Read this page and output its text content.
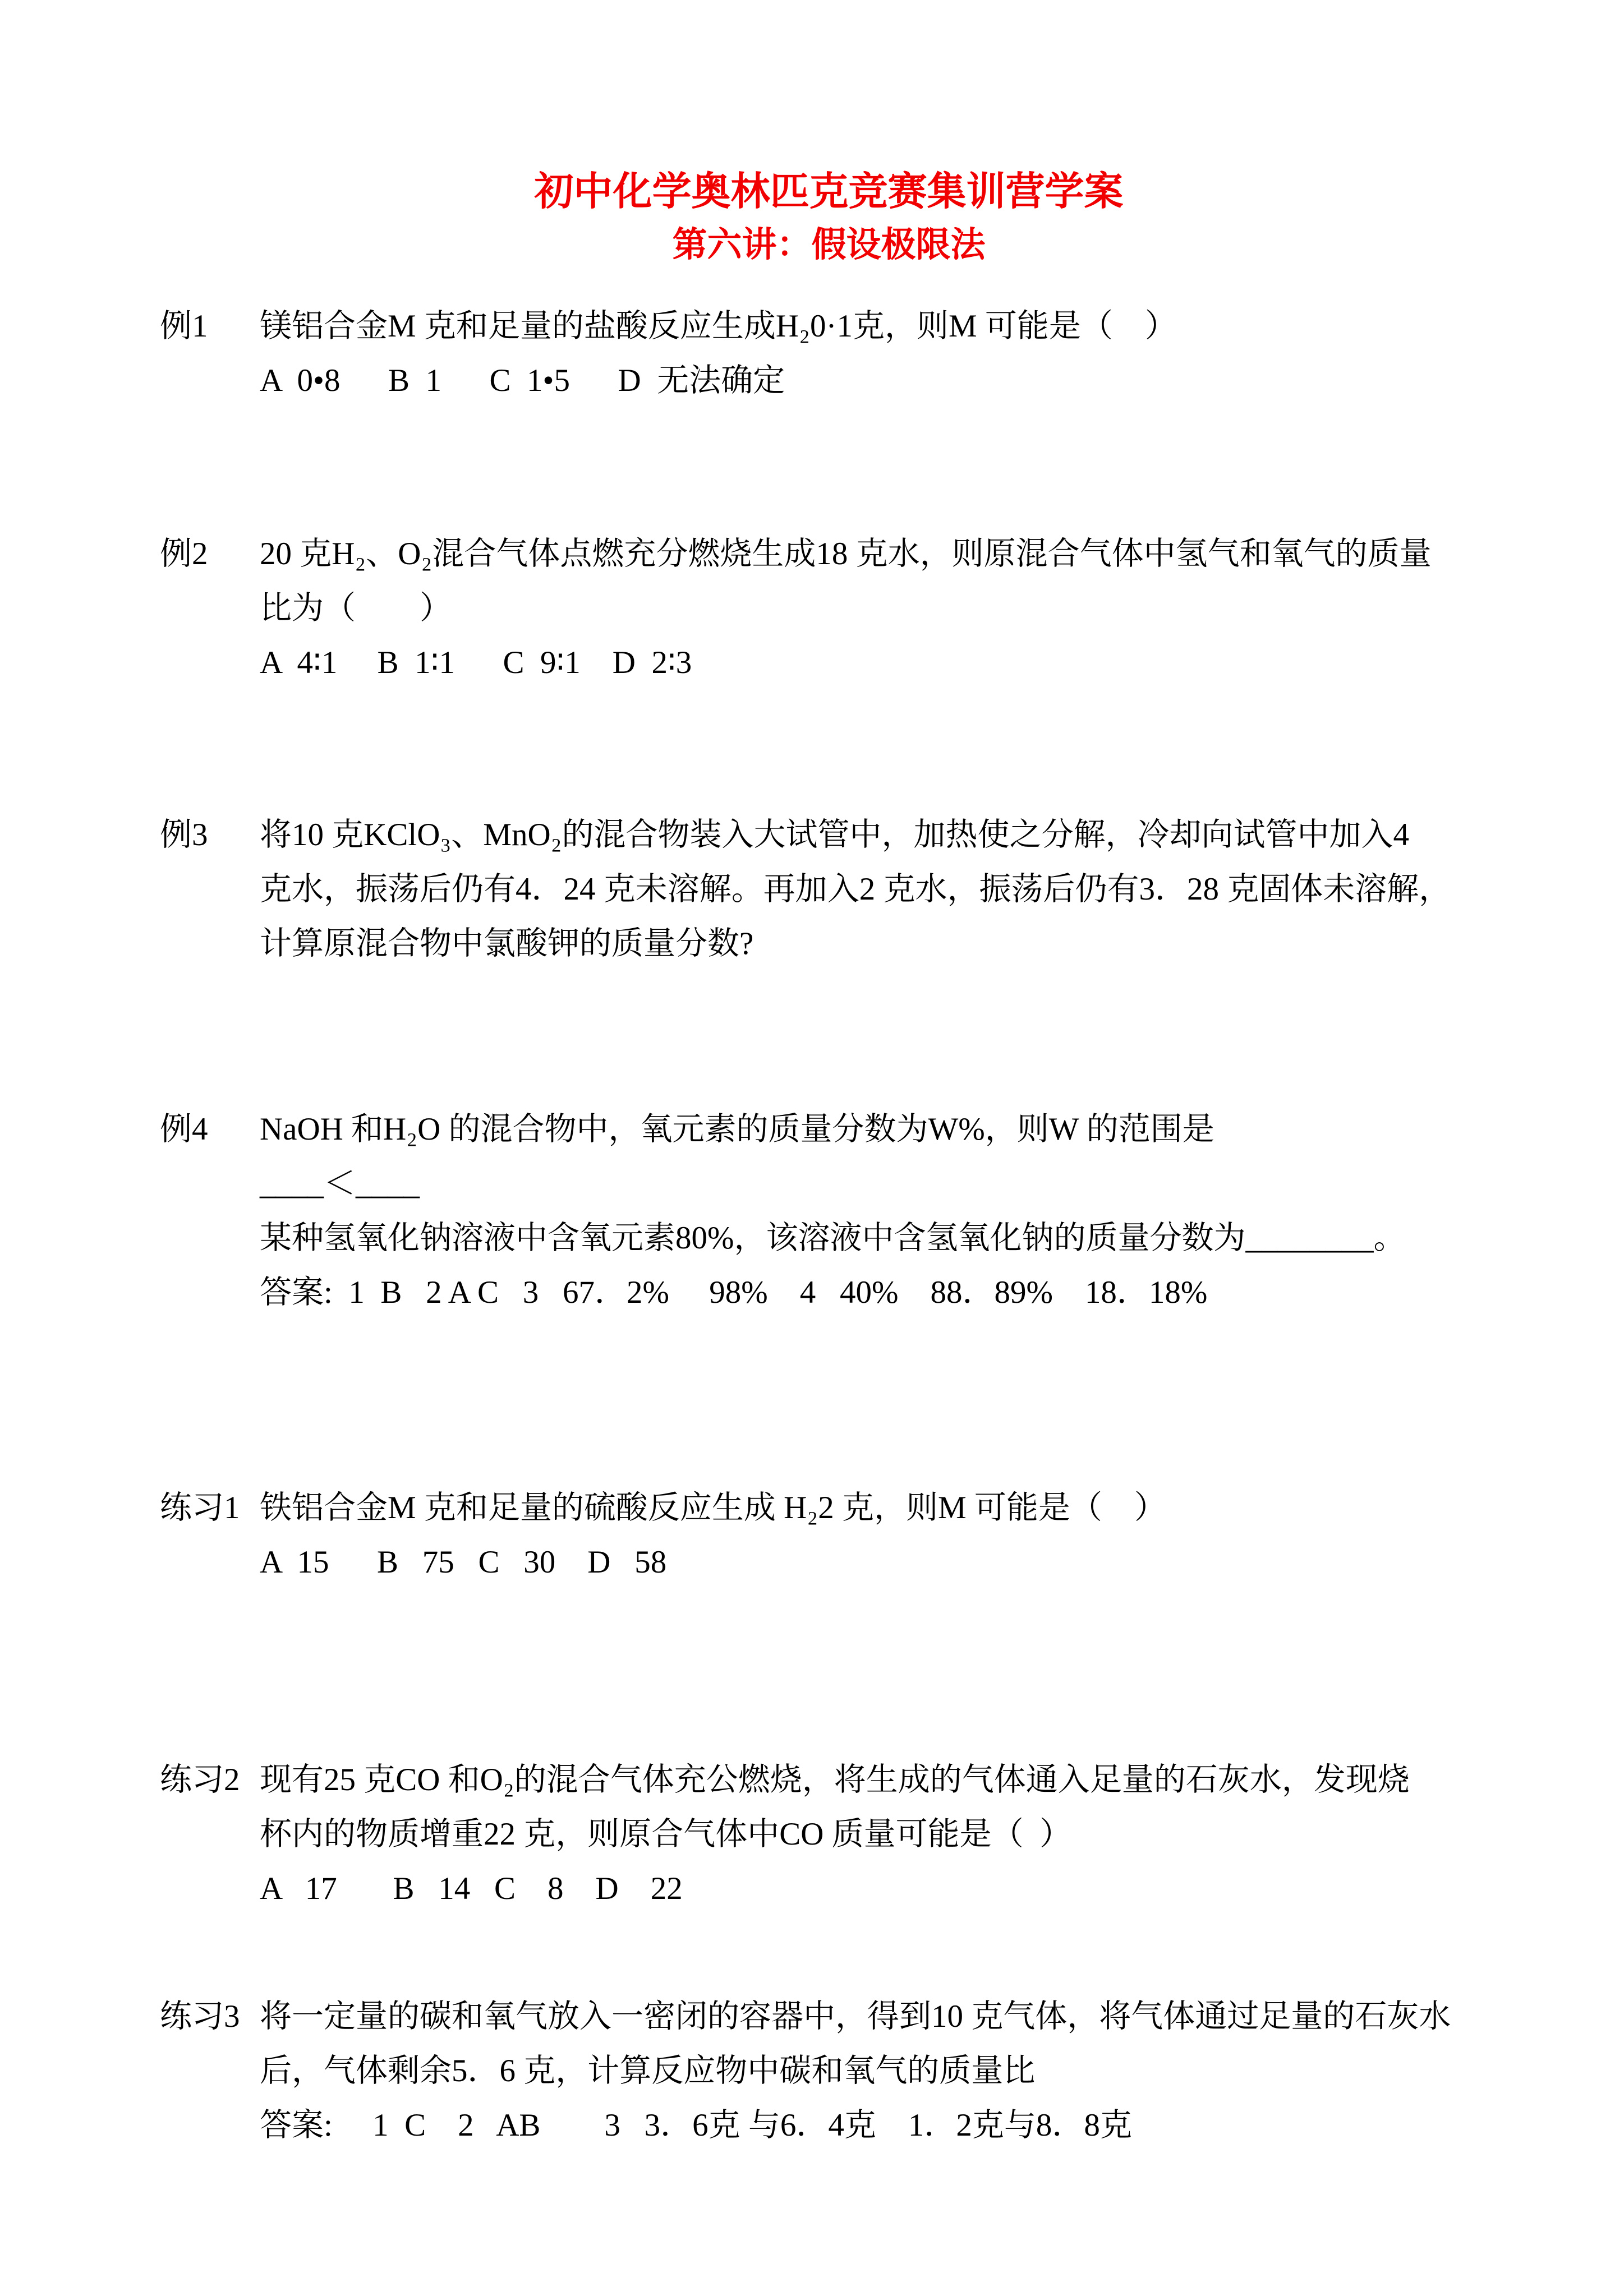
初中化学奥林匹克竞赛集训营学案
第六讲：假设极限法
例1	镁铝合金M 克和足量的盐酸反应生成H₂0·1克，则M 可能是（　）
A  0•8      B  1      C  1•5      D  无法确定
例2	20 克H₂、O₂混合气体点燃充分燃烧生成18 克水，则原混合气体中氢气和氧气的质量
比为（　　）
A  4∶1     B  1∶1      C  9∶1    D  2∶3
例3	将10 克KClO₃、MnO₂的混合物装入大试管中，加热使之分解，冷却向试管中加入4
克水，振荡后仍有4．24 克未溶解。再加入2 克水，振荡后仍有3．28 克固体未溶解，
计算原混合物中氯酸钾的质量分数?
例4	NaOH 和H₂O 的混合物中，氧元素的质量分数为W%，则W 的范围是
____＜____
某种氢氧化钠溶液中含氧元素80%，该溶液中含氢氧化钠的质量分数为________。
答案:  1  B   2 A C   3   67．2%     98%    4   40%    88．89%    18．18%
练习1 铁铝合金M 克和足量的硫酸反应生成 H₂2 克，则M 可能是（　）
A  15      B   75   C   30    D   58
练习2 现有25 克CO 和O₂的混合气体充公燃烧，将生成的气体通入足量的石灰水，发现烧
杯内的物质增重22 克，则原合气体中CO 质量可能是（  ）
A   17       B   14   C    8    D    22
练习3 将一定量的碳和氧气放入一密闭的容器中，得到10 克气体，将气体通过足量的石灰水
后，气体剩余5．6 克，计算反应物中碳和氧气的质量比
答案:     1  C    2   AB        3   3．6克 与6．4克    1．2克与8．8克
